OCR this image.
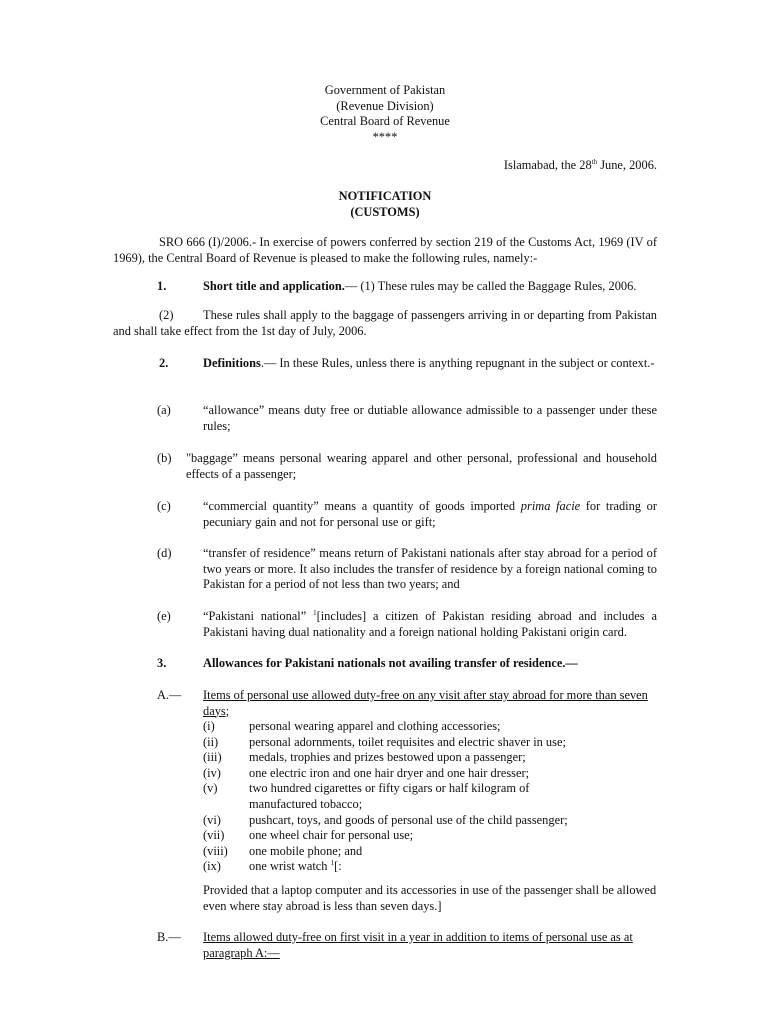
Government of Pakistan
(Revenue Division)
Central Board of Revenue
****
Islamabad, the 28th June, 2006.
NOTIFICATION
(CUSTOMS)
SRO 666 (I)/2006.- In exercise of powers conferred by section 219 of the Customs Act, 1969 (IV of 1969), the Central Board of Revenue is pleased to make the following rules, namely:-
1.	Short title and application.— (1) These rules may be called the Baggage Rules, 2006.
(2) These rules shall apply to the baggage of passengers arriving in or departing from Pakistan and shall take effect from the 1st day of July, 2006.
2.	Definitions.— In these Rules, unless there is anything repugnant in the subject or context.-
(a)	“allowance” means duty free or dutiable allowance admissible to a passenger under these rules;
(b)	"baggage” means personal wearing apparel and other personal, professional and household effects of a passenger;
(c)	“commercial quantity” means a quantity of goods imported prima facie for trading or pecuniary gain and not for personal use or gift;
(d)	“transfer of residence” means return of Pakistani nationals after stay abroad for a period of two years or more. It also includes the transfer of residence by a foreign national coming to Pakistan for a period of not less than two years; and
(e)	“Pakistani national” $^1$[includes] a citizen of Pakistan residing abroad and includes a Pakistani having dual nationality and a foreign national holding Pakistani origin card.
3.	Allowances for Pakistani nationals not availing transfer of residence.—
A.— Items of personal use allowed duty-free on any visit after stay abroad for more than seven days;
(i)	personal wearing apparel and clothing accessories;
(ii)	personal adornments, toilet requisites and electric shaver in use;
(iii)	medals, trophies and prizes bestowed upon a passenger;
(iv)	one electric iron and one hair dryer and one hair dresser;
(v)	two hundred cigarettes or fifty cigars or half kilogram of manufactured tobacco;
(vi)	pushcart, toys, and goods of personal use of the child passenger;
(vii)	one wheel chair for personal use;
(viii)	one mobile phone; and
(ix)	one wrist watch $^1$[:
Provided that a laptop computer and its accessories in use of the passenger shall be allowed even where stay abroad is less than seven days.]
B.— Items allowed duty-free on first visit in a year in addition to items of personal use as at paragraph A:—
